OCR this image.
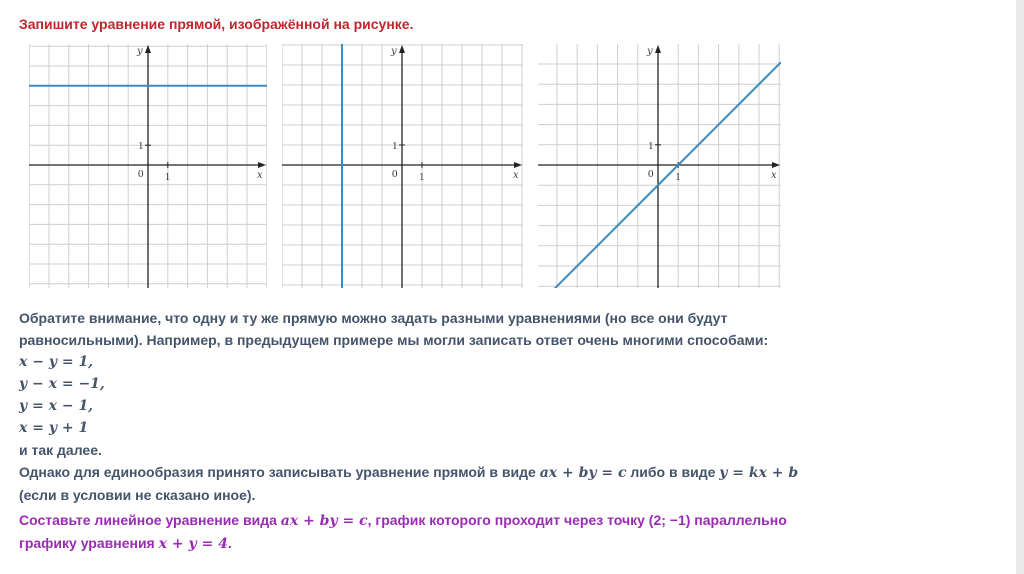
Запишите уравнение прямой, изображённой на рисунке.
x
y
0 1
1
x
y
0 1
1
x
y
0 1
1

Обратите внимание, что одну и ту же прямую можно задать разными уравнениями (но все они будут

равносильными). Например, в предыдущем примере мы могли записать ответ очень многими способами:

x − y = 1,

y − x = −1,

y = x − 1,

x = y + 1

и так далее.

Однако для единообразия принято записывать уравнение прямой в виде ax + by = c либо в виде y = kx + b

(если в условии не сказано иное).

Составьте линейное уравнение вида ax + by = c, график которого проходит через точку (2; −1) параллельно

графику уравнения x + y = 4.
